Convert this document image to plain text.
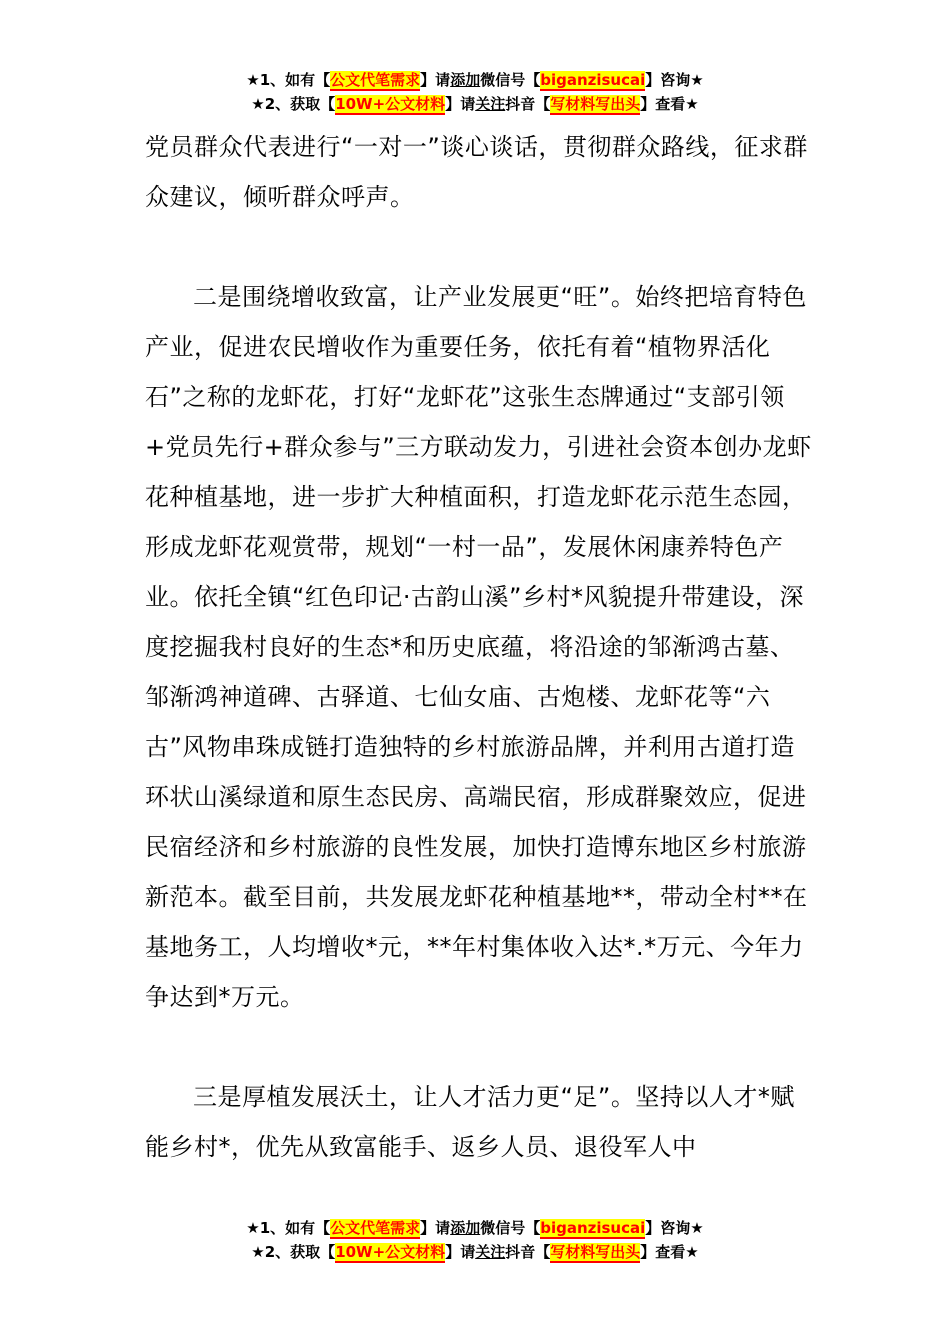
★1、如有【公文代笔需求】请添加微信号【biganzisucai】咨询★
★2、获取【10W+公文材料】请关注抖音【写材料写出头】查看★

党员群众代表进行“一对一”谈心谈话，贯彻群众路线，征求群众建议，倾听群众呼声。

二是围绕增收致富，让产业发展更“旺”。始终把培育特色产业，促进农民增收作为重要任务，依托有着“植物界活化石”之称的龙虾花，打好“龙虾花”这张生态牌通过“支部引领+党员先行+群众参与”三方联动发力，引进社会资本创办龙虾花种植基地，进一步扩大种植面积，打造龙虾花示范生态园，形成龙虾花观赏带，规划“一村一品”，发展休闲康养特色产业。依托全镇“红色印记·古韵山溪”乡村*风貌提升带建设，深度挖掘我村良好的生态*和历史底蕴，将沿途的邹渐鸿古墓、邹渐鸿神道碑、古驿道、七仙女庙、古炮楼、龙虾花等“六古”风物串珠成链打造独特的乡村旅游品牌，并利用古道打造环状山溪绿道和原生态民房、高端民宿，形成群聚效应，促进民宿经济和乡村旅游的良性发展，加快打造博东地区乡村旅游新范本。截至目前，共发展龙虾花种植基地**，带动全村**在基地务工，人均增收*元，**年村集体收入达*.*万元、今年力争达到*万元。

三是厚植发展沃土，让人才活力更“足”。坚持以人才*赋能乡村*，优先从致富能手、返乡人员、退役军人中

★1、如有【公文代笔需求】请添加微信号【biganzisucai】咨询★
★2、获取【10W+公文材料】请关注抖音【写材料写出头】查看★
